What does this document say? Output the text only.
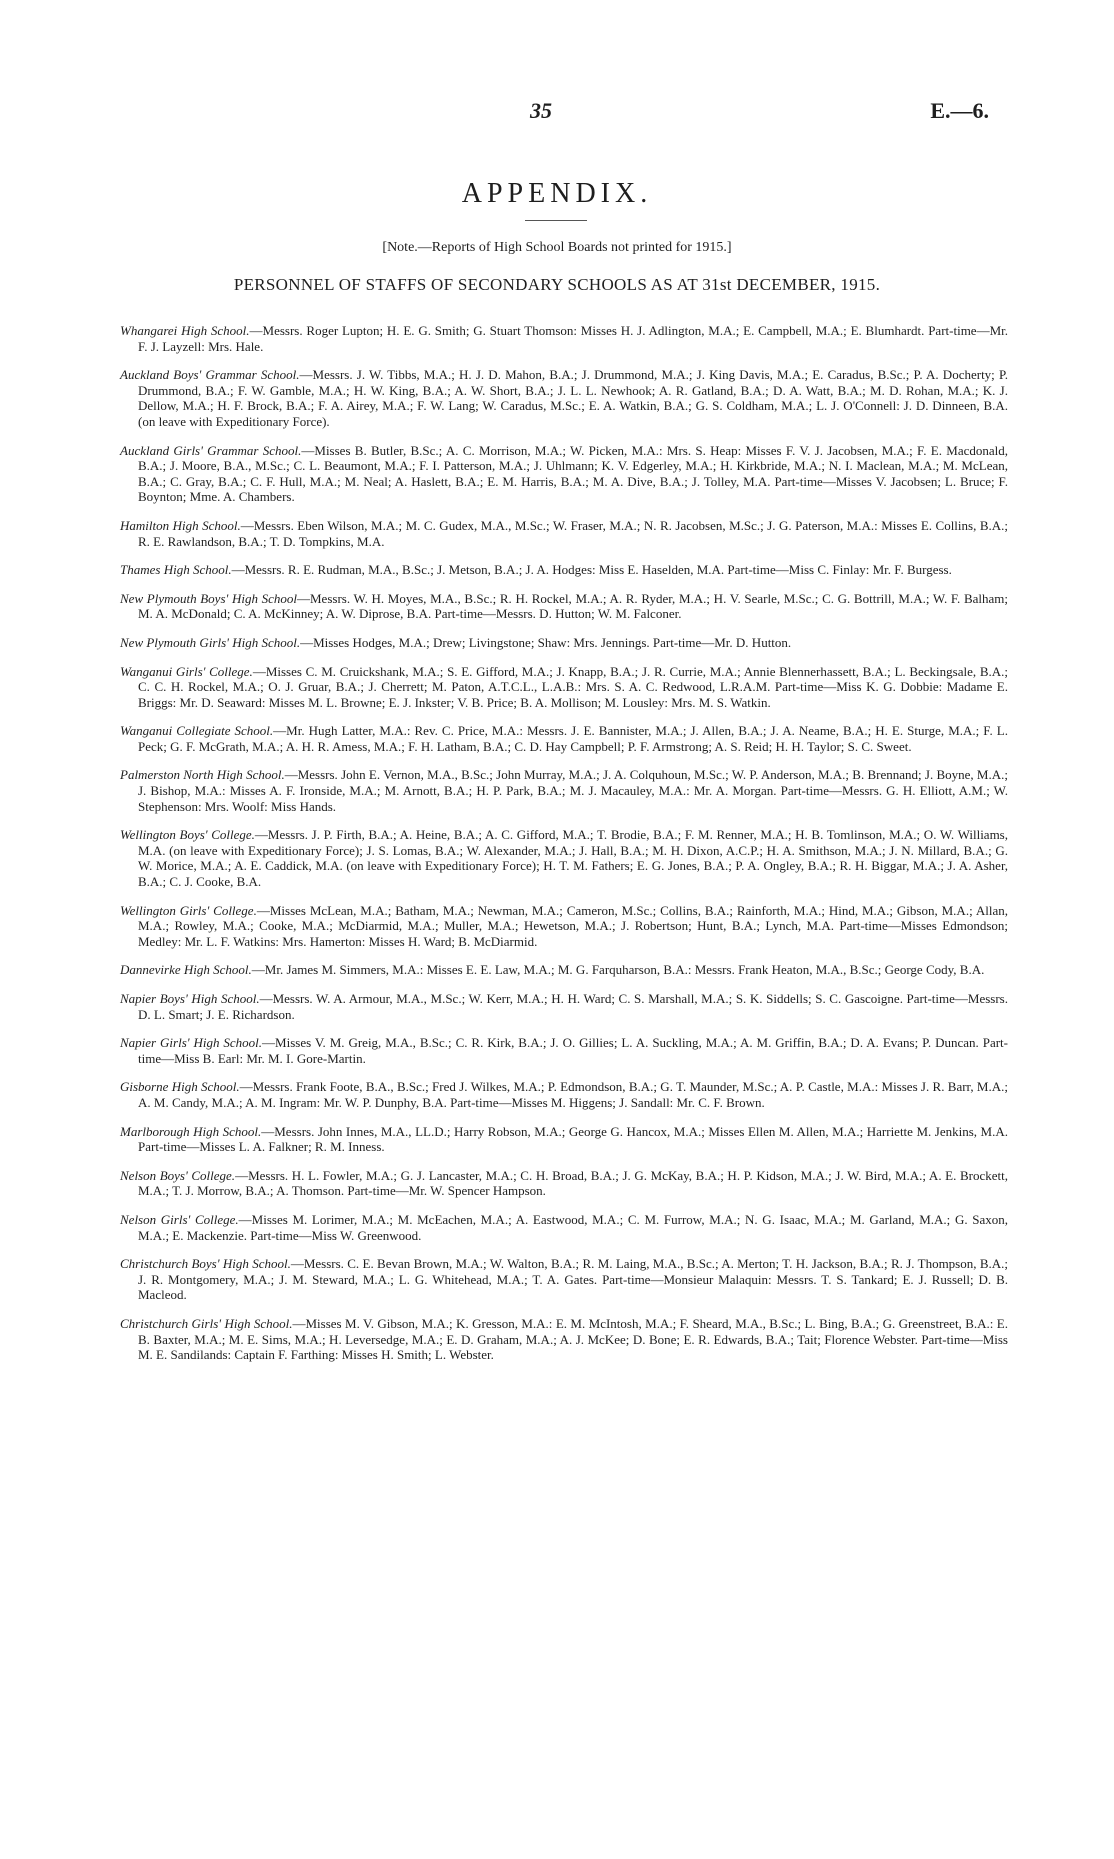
35	E.—6.
APPENDIX.
[Note.—Reports of High School Boards not printed for 1915.]
PERSONNEL OF STAFFS OF SECONDARY SCHOOLS AS AT 31st DECEMBER, 1915.

Whangarei High School.—Messrs. Roger Lupton; H. E. G. Smith; G. Stuart Thomson: Misses H. J. Adlington, M.A.; E. Campbell, M.A.; E. Blumhardt. Part-time—Mr. F. J. Layzell: Mrs. Hale.

Auckland Boys' Grammar School.—Messrs. J. W. Tibbs, M.A.; H. J. D. Mahon, B.A.; J. Drummond, M.A.; J. King Davis, M.A.; E. Caradus, B.Sc.; P. A. Docherty; P. Drummond, B.A.; F. W. Gamble, M.A.; H. W. King, B.A.; A. W. Short, B.A.; J. L. L. Newhook; A. R. Gatland, B.A.; D. A. Watt, B.A.; M. D. Rohan, M.A.; K. J. Dellow, M.A.; H. F. Brock, B.A.; F. A. Airey, M.A.; F. W. Lang; W. Caradus, M.Sc.; E. A. Watkin, B.A.; G. S. Coldham, M.A.; L. J. O'Connell: J. D. Dinneen, B.A. (on leave with Expeditionary Force).

Auckland Girls' Grammar School.—Misses B. Butler, B.Sc.; A. C. Morrison, M.A.; W. Picken, M.A.: Mrs. S. Heap: Misses F. V. J. Jacobsen, M.A.; F. E. Macdonald, B.A.; J. Moore, B.A., M.Sc.; C. L. Beaumont, M.A.; F. I. Patterson, M.A.; J. Uhlmann; K. V. Edgerley, M.A.; H. Kirkbride, M.A.; N. I. Maclean, M.A.; M. McLean, B.A.; C. Gray, B.A.; C. F. Hull, M.A.; M. Neal; A. Haslett, B.A.; E. M. Harris, B.A.; M. A. Dive, B.A.; J. Tolley, M.A. Part-time—Misses V. Jacobsen; L. Bruce; F. Boynton; Mme. A. Chambers.

Hamilton High School.—Messrs. Eben Wilson, M.A.; M. C. Gudex, M.A., M.Sc.; W. Fraser, M.A.; N. R. Jacobsen, M.Sc.; J. G. Paterson, M.A.: Misses E. Collins, B.A.; R. E. Rawlandson, B.A.; T. D. Tompkins, M.A.

Thames High School.—Messrs. R. E. Rudman, M.A., B.Sc.; J. Metson, B.A.; J. A. Hodges: Miss E. Haselden, M.A. Part-time—Miss C. Finlay: Mr. F. Burgess.

New Plymouth Boys' High School—Messrs. W. H. Moyes, M.A., B.Sc.; R. H. Rockel, M.A.; A. R. Ryder, M.A.; H. V. Searle, M.Sc.; C. G. Bottrill, M.A.; W. F. Balham; M. A. McDonald; C. A. McKinney; A. W. Diprose, B.A. Part-time—Messrs. D. Hutton; W. M. Falconer.

New Plymouth Girls' High School.—Misses Hodges, M.A.; Drew; Livingstone; Shaw: Mrs. Jennings. Part-time—Mr. D. Hutton.

Wanganui Girls' College.—Misses C. M. Cruickshank, M.A.; S. E. Gifford, M.A.; J. Knapp, B.A.; J. R. Currie, M.A.; Annie Blennerhassett, B.A.; L. Beckingsale, B.A.; C. C. H. Rockel, M.A.; O. J. Gruar, B.A.; J. Cherrett; M. Paton, A.T.C.L., L.A.B.: Mrs. S. A. C. Redwood, L.R.A.M. Part-time—Miss K. G. Dobbie: Madame E. Briggs: Mr. D. Seaward: Misses M. L. Browne; E. J. Inkster; V. B. Price; B. A. Mollison; M. Lousley: Mrs. M. S. Watkin.

Wanganui Collegiate School.—Mr. Hugh Latter, M.A.: Rev. C. Price, M.A.: Messrs. J. E. Bannister, M.A.; J. Allen, B.A.; J. A. Neame, B.A.; H. E. Sturge, M.A.; F. L. Peck; G. F. McGrath, M.A.; A. H. R. Amess, M.A.; F. H. Latham, B.A.; C. D. Hay Campbell; P. F. Armstrong; A. S. Reid; H. H. Taylor; S. C. Sweet.

Palmerston North High School.—Messrs. John E. Vernon, M.A., B.Sc.; John Murray, M.A.; J. A. Colquhoun, M.Sc.; W. P. Anderson, M.A.; B. Brennand; J. Boyne, M.A.; J. Bishop, M.A.: Misses A. F. Ironside, M.A.; M. Arnott, B.A.; H. P. Park, B.A.; M. J. Macauley, M.A.: Mr. A. Morgan. Part-time—Messrs. G. H. Elliott, A.M.; W. Stephenson: Mrs. Woolf: Miss Hands.

Wellington Boys' College.—Messrs. J. P. Firth, B.A.; A. Heine, B.A.; A. C. Gifford, M.A.; T. Brodie, B.A.; F. M. Renner, M.A.; H. B. Tomlinson, M.A.; O. W. Williams, M.A. (on leave with Expeditionary Force); J. S. Lomas, B.A.; W. Alexander, M.A.; J. Hall, B.A.; M. H. Dixon, A.C.P.; H. A. Smithson, M.A.; J. N. Millard, B.A.; G. W. Morice, M.A.; A. E. Caddick, M.A. (on leave with Expeditionary Force); H. T. M. Fathers; E. G. Jones, B.A.; P. A. Ongley, B.A.; R. H. Biggar, M.A.; J. A. Asher, B.A.; C. J. Cooke, B.A.

Wellington Girls' College.—Misses McLean, M.A.; Batham, M.A.; Newman, M.A.; Cameron, M.Sc.; Collins, B.A.; Rainforth, M.A.; Hind, M.A.; Gibson, M.A.; Allan, M.A.; Rowley, M.A.; Cooke, M.A.; McDiarmid, M.A.; Muller, M.A.; Hewetson, M.A.; J. Robertson; Hunt, B.A.; Lynch, M.A. Part-time—Misses Edmondson; Medley: Mr. L. F. Watkins: Mrs. Hamerton: Misses H. Ward; B. McDiarmid.

Dannevirke High School.—Mr. James M. Simmers, M.A.: Misses E. E. Law, M.A.; M. G. Farquharson, B.A.: Messrs. Frank Heaton, M.A., B.Sc.; George Cody, B.A.

Napier Boys' High School.—Messrs. W. A. Armour, M.A., M.Sc.; W. Kerr, M.A.; H. H. Ward; C. S. Marshall, M.A.; S. K. Siddells; S. C. Gascoigne. Part-time—Messrs. D. L. Smart; J. E. Richardson.

Napier Girls' High School.—Misses V. M. Greig, M.A., B.Sc.; C. R. Kirk, B.A.; J. O. Gillies; L. A. Suckling, M.A.; A. M. Griffin, B.A.; D. A. Evans; P. Duncan. Part-time—Miss B. Earl: Mr. M. I. Gore-Martin.

Gisborne High School.—Messrs. Frank Foote, B.A., B.Sc.; Fred J. Wilkes, M.A.; P. Edmondson, B.A.; G. T. Maunder, M.Sc.; A. P. Castle, M.A.: Misses J. R. Barr, M.A.; A. M. Candy, M.A.; A. M. Ingram: Mr. W. P. Dunphy, B.A. Part-time—Misses M. Higgens; J. Sandall: Mr. C. F. Brown.

Marlborough High School.—Messrs. John Innes, M.A., LL.D.; Harry Robson, M.A.; George G. Hancox, M.A.; Misses Ellen M. Allen, M.A.; Harriette M. Jenkins, M.A. Part-time—Misses L. A. Falkner; R. M. Inness.

Nelson Boys' College.—Messrs. H. L. Fowler, M.A.; G. J. Lancaster, M.A.; C. H. Broad, B.A.; J. G. McKay, B.A.; H. P. Kidson, M.A.; J. W. Bird, M.A.; A. E. Brockett, M.A.; T. J. Morrow, B.A.; A. Thomson. Part-time—Mr. W. Spencer Hampson.

Nelson Girls' College.—Misses M. Lorimer, M.A.; M. McEachen, M.A.; A. Eastwood, M.A.; C. M. Furrow, M.A.; N. G. Isaac, M.A.; M. Garland, M.A.; G. Saxon, M.A.; E. Mackenzie. Part-time—Miss W. Greenwood.

Christchurch Boys' High School.—Messrs. C. E. Bevan Brown, M.A.; W. Walton, B.A.; R. M. Laing, M.A., B.Sc.; A. Merton; T. H. Jackson, B.A.; R. J. Thompson, B.A.; J. R. Montgomery, M.A.; J. M. Steward, M.A.; L. G. Whitehead, M.A.; T. A. Gates. Part-time—Monsieur Malaquin: Messrs. T. S. Tankard; E. J. Russell; D. B. Macleod.

Christchurch Girls' High School.—Misses M. V. Gibson, M.A.; K. Gresson, M.A.: E. M. McIntosh, M.A.; F. Sheard, M.A., B.Sc.; L. Bing, B.A.; G. Greenstreet, B.A.: E. B. Baxter, M.A.; M. E. Sims, M.A.; H. Leversedge, M.A.; E. D. Graham, M.A.; A. J. McKee; D. Bone; E. R. Edwards, B.A.; Tait; Florence Webster. Part-time—Miss M. E. Sandilands: Captain F. Farthing: Misses H. Smith; L. Webster.
